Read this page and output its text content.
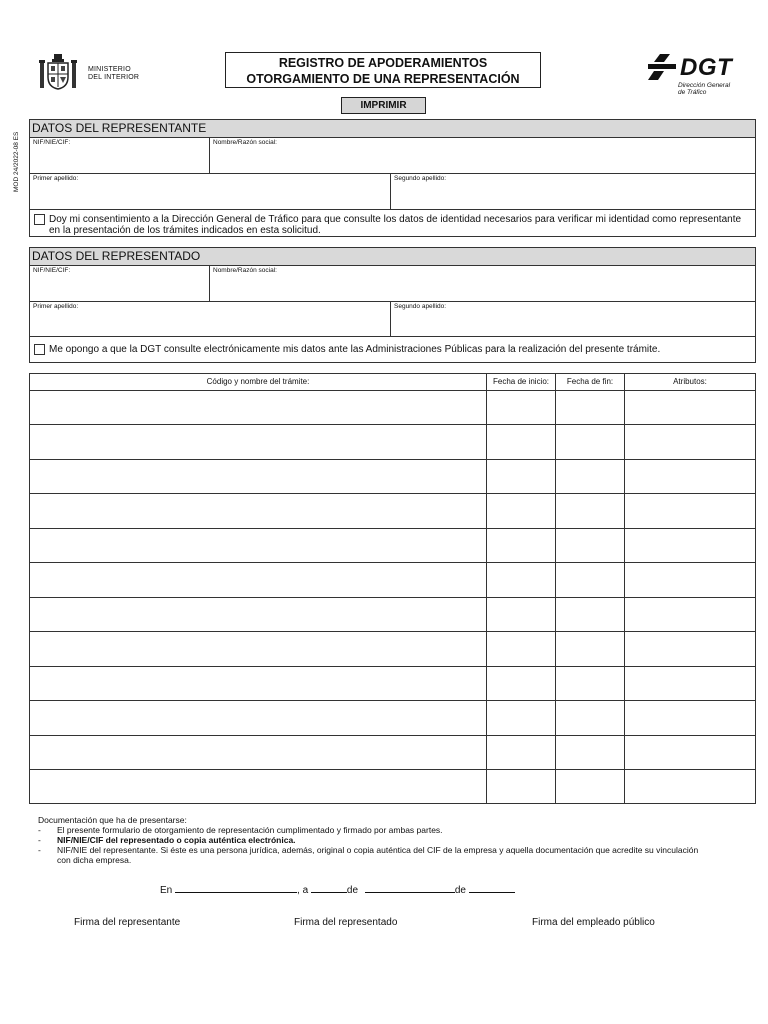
MOD 24/2022-08 ES
MINISTERIO
DEL INTERIOR
REGISTRO DE APODERAMIENTOS
OTORGAMIENTO DE UNA REPRESENTACIÓN	DGT
Dirección General
de Tráfico
IMPRIMIR
DATOS DEL REPRESENTANTE
NIF/NIE/CIF:	Nombre/Razón social:
Primer apellido:	Segundo apellido:
Doy mi consentimiento a la Dirección General de Tráfico para que consulte los datos de identidad necesarios para verificar mi identidad como representante en la presentación de los trámites indicados en esta solicitud.
DATOS DEL REPRESENTADO
NIF/NIE/CIF:	Nombre/Razón social:
Primer apellido:	Segundo apellido:
Me opongo a que la DGT consulte electrónicamente mis datos ante las Administraciones Públicas para la realización del presente trámite.
Código y nombre del trámite:	Fecha de inicio:	Fecha de fin:	Atributos:
Documentación que ha de presentarse:
-	El presente formulario de otorgamiento de representación cumplimentado y firmado por ambas partes.
-	NIF/NIE/CIF del representado o copia auténtica electrónica.
-	NIF/NIE del representante. Si éste es una persona jurídica, además, original o copia auténtica del CIF de la empresa y aquella documentación que acredite su vinculación con dicha empresa.
En	, a	de	de
Firma del representante	Firma del representado	Firma del empleado público
